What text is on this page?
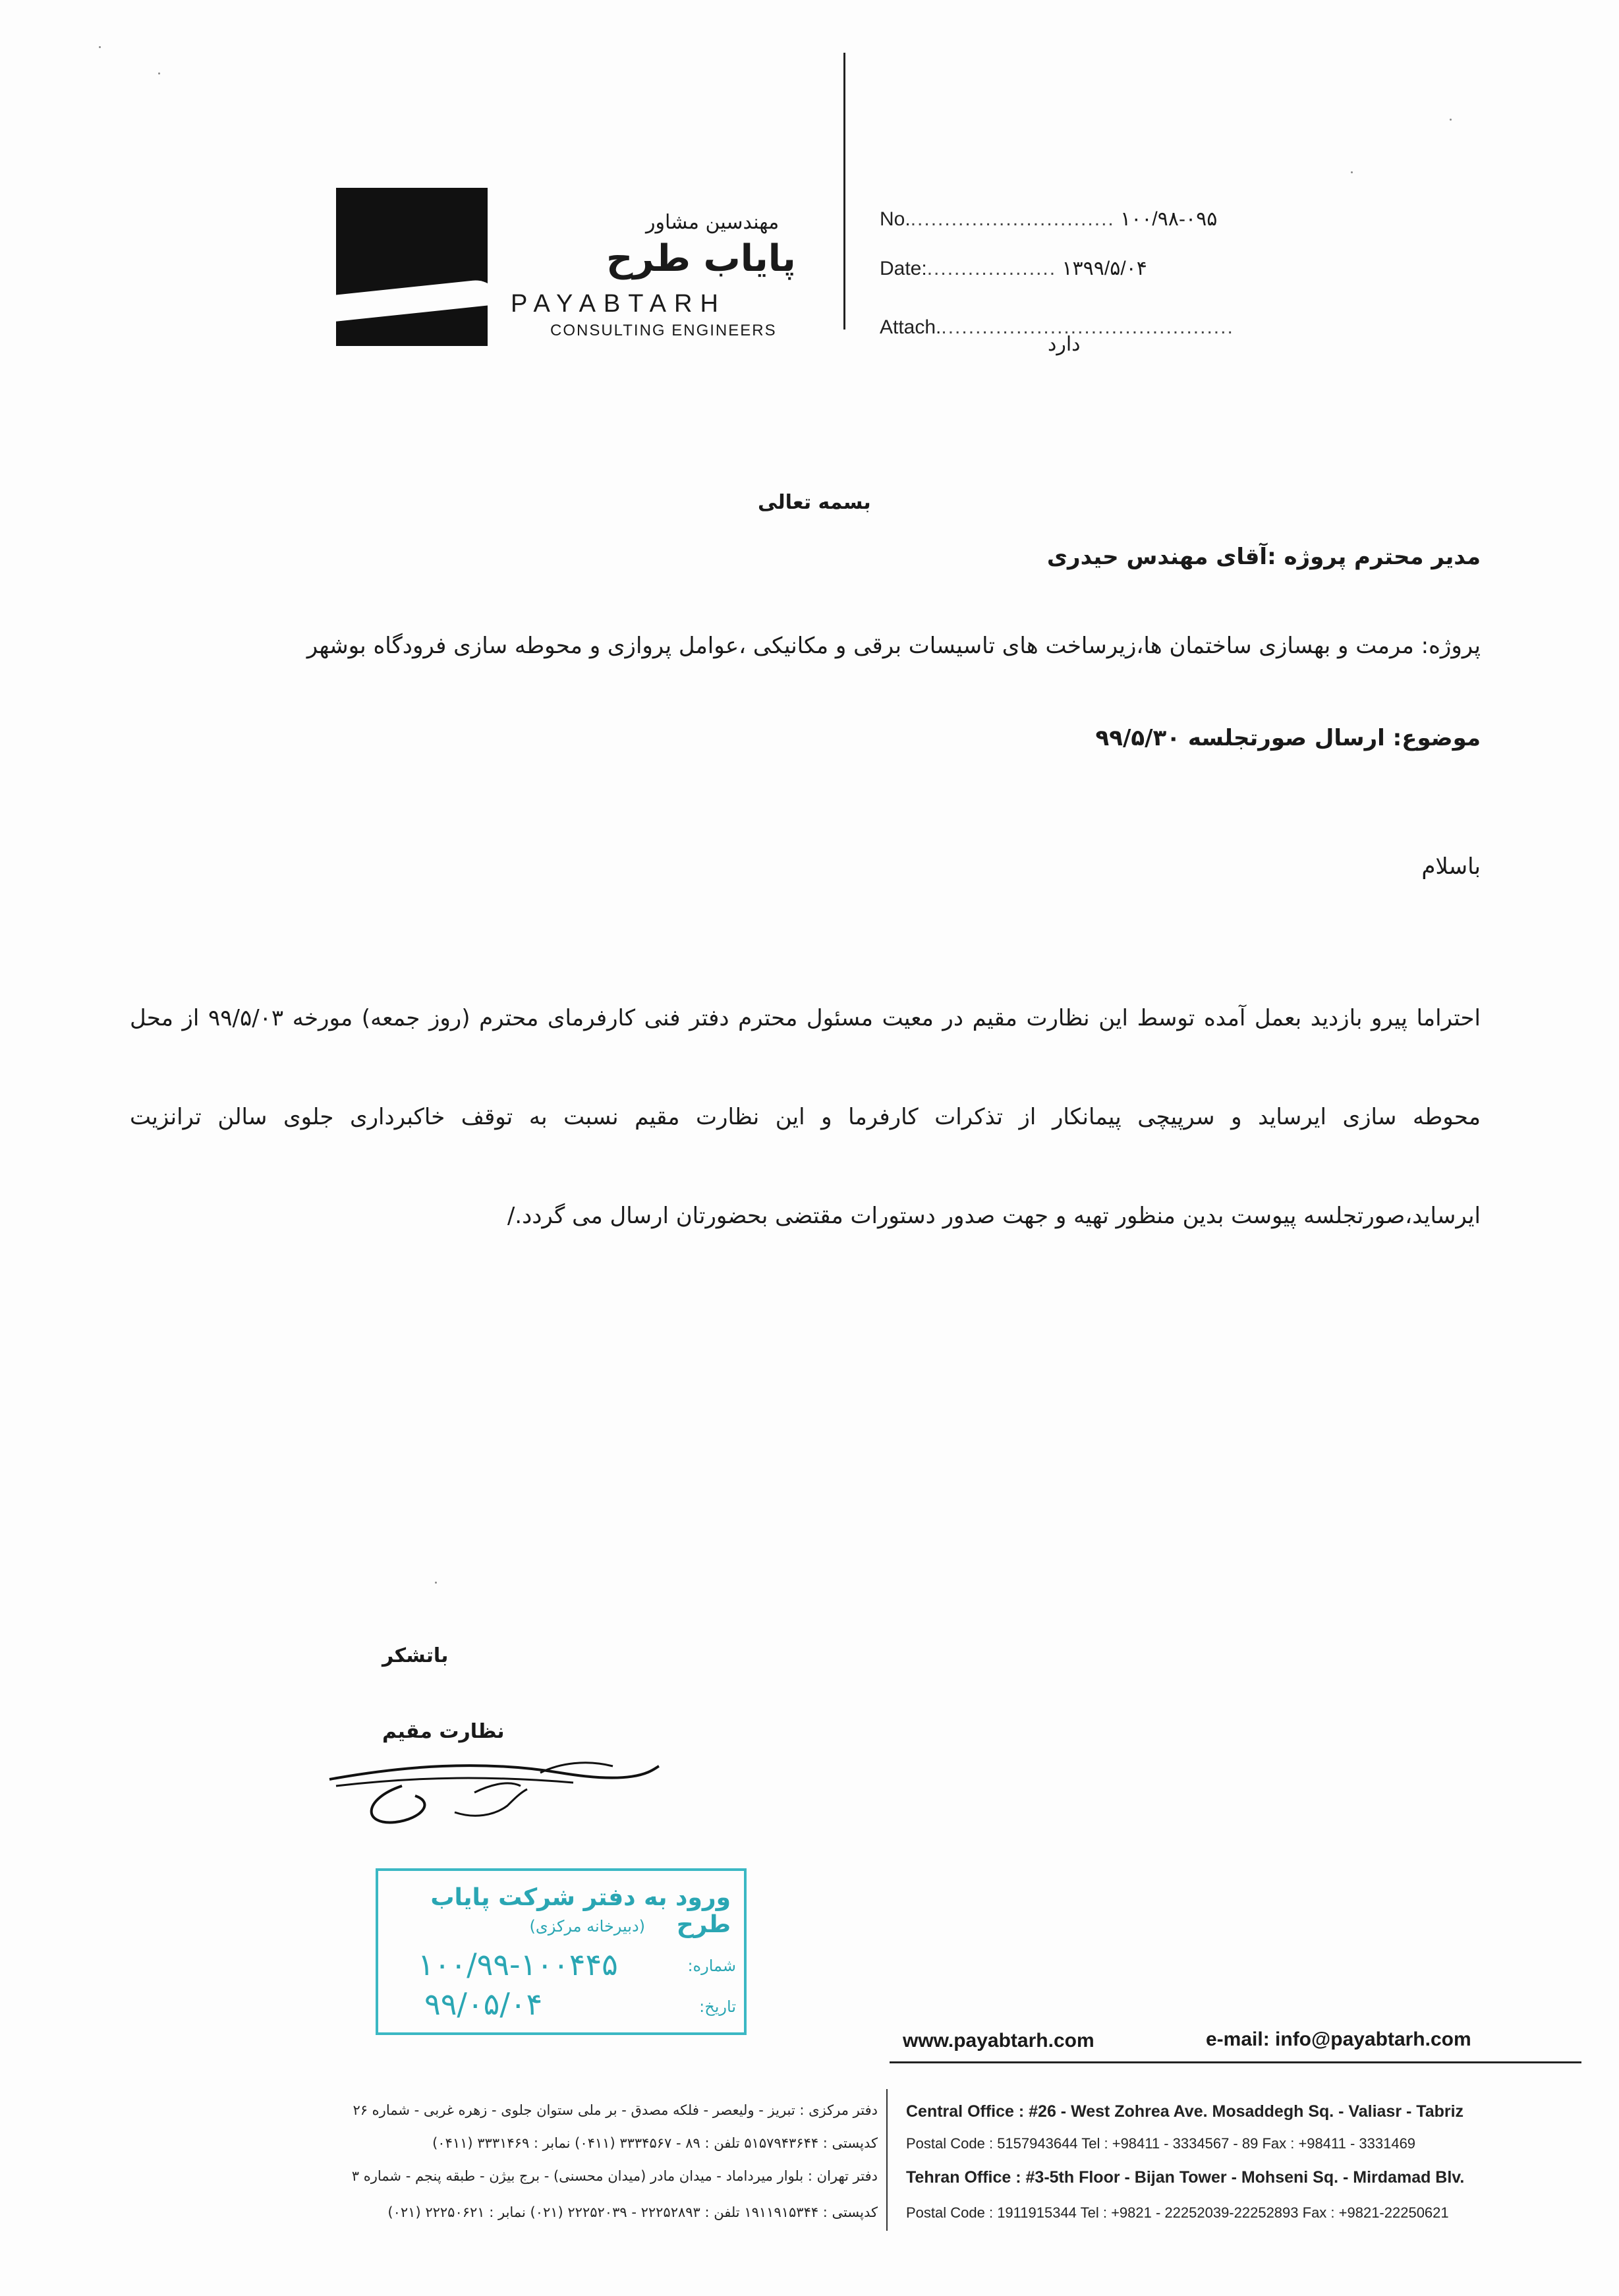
مهندسین مشاور
پایاب طرح
PAYABTARH
CONSULTING ENGINEERS
No............................... ۱۰۰/۹۸-۰۹۵
Date:................... ۱۳۹۹/۵/۰۴
Attach............................................
دارد
بسمه تعالی
مدیر محترم پروژه :آقای مهندس حیدری
پروژه: مرمت و بهسازی ساختمان ها،زیرساخت های تاسیسات برقی و مکانیکی ،عوامل پروازی و محوطه سازی فرودگاه بوشهر
موضوع: ارسال صورتجلسه ۹۹/۵/۳۰
باسلام
احتراما پیرو بازدید بعمل آمده توسط این نظارت مقیم در معیت مسئول محترم دفتر فنی کارفرمای محترم (روز جمعه) مورخه ۹۹/۵/۰۳ از محل محوطه سازی ایرساید و سرپیچی پیمانکار از تذکرات کارفرما و این نظارت مقیم نسبت به توقف خاکبرداری جلوی سالن ترانزیت ایرساید،صورتجلسه پیوست بدین منظور تهیه و جهت صدور دستورات مقتضی بحضورتان ارسال می گردد./
باتشکر
نظارت مقیم
ورود به دفتر شرکت پایاب طرح
(دبیرخانه مرکزی)
شماره:
۱۰۰/۹۹-۱۰۰۴۴۵
تاریخ:
۹۹/۰۵/۰۴
www.payabtarh.com	e-mail: info@payabtarh.com
Central Office : #26 - West Zohrea Ave. Mosaddegh Sq. - Valiasr - Tabriz
Postal Code : 5157943644 Tel : +98411 - 3334567 - 89 Fax : +98411 - 3331469
Tehran Office : #3-5th Floor - Bijan Tower - Mohseni Sq. - Mirdamad Blv.
Postal Code : 1911915344 Tel : +9821 - 22252039-22252893 Fax : +9821-22250621
دفتر مرکزی : تبریز - ولیعصر - فلکه مصدق - بر ملی ستوان جلوی - زهره غربی - شماره ۲۶
کدپستی : ۵۱۵۷۹۴۳۶۴۴ تلفن : ۸۹ - ۳۳۳۴۵۶۷ (۰۴۱۱) نمابر : ۳۳۳۱۴۶۹ (۰۴۱۱)
دفتر تهران : بلوار میرداماد - میدان مادر (میدان محسنی) - برج بیژن - طبقه پنجم - شماره ۳
کدپستی : ۱۹۱۱۹۱۵۳۴۴ تلفن : ۲۲۲۵۲۸۹۳ - ۲۲۲۵۲۰۳۹ (۰۲۱) نمابر : ۲۲۲۵۰۶۲۱ (۰۲۱)
